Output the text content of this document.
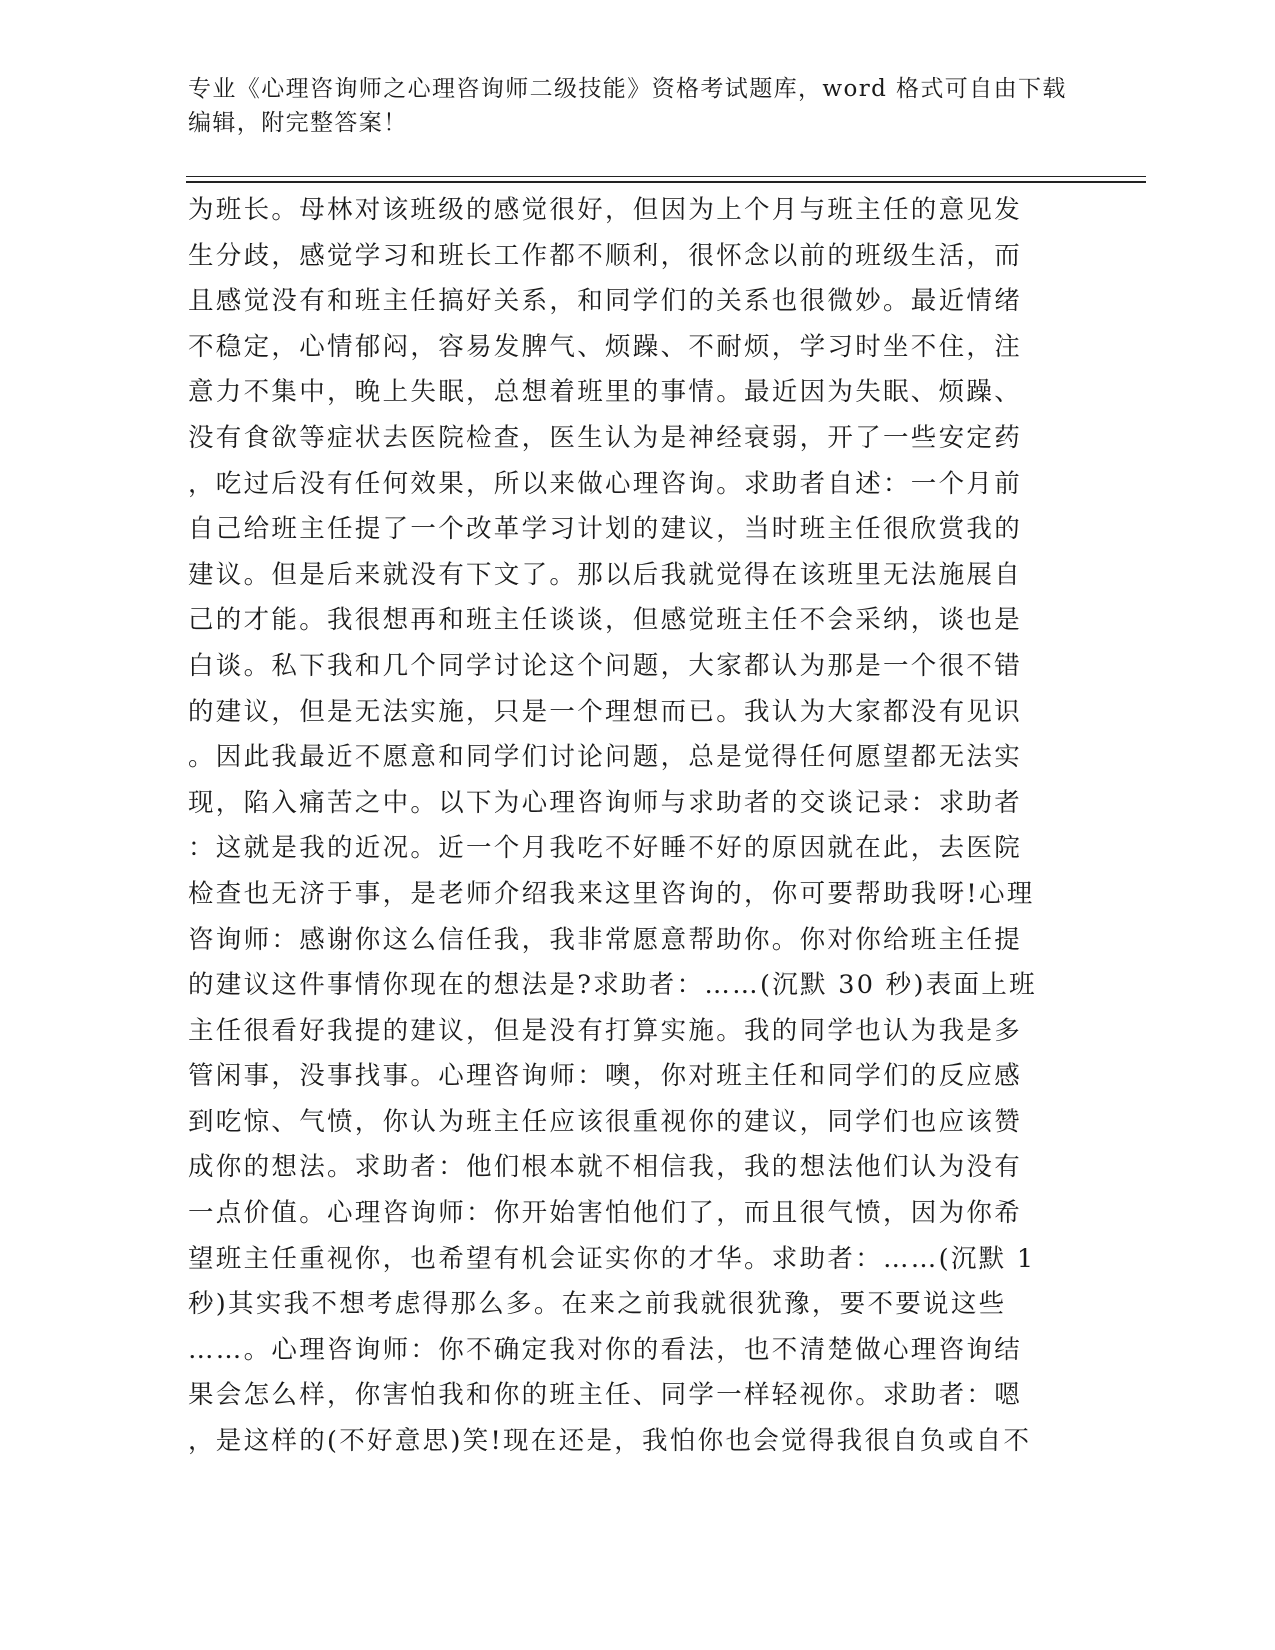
专业《心理咨询师之心理咨询师二级技能》资格考试题库，word 格式可自由下载
编辑，附完整答案！
为班长。母林对该班级的感觉很好，但因为上个月与班主任的意见发
生分歧，感觉学习和班长工作都不顺利，很怀念以前的班级生活，而
且感觉没有和班主任搞好关系，和同学们的关系也很微妙。最近情绪
不稳定，心情郁闷，容易发脾气、烦躁、不耐烦，学习时坐不住，注
意力不集中，晚上失眠，总想着班里的事情。最近因为失眠、烦躁、
没有食欲等症状去医院检查，医生认为是神经衰弱，开了一些安定药
，吃过后没有任何效果，所以来做心理咨询。求助者自述：一个月前
自己给班主任提了一个改革学习计划的建议，当时班主任很欣赏我的
建议。但是后来就没有下文了。那以后我就觉得在该班里无法施展自
己的才能。我很想再和班主任谈谈，但感觉班主任不会采纳，谈也是
白谈。私下我和几个同学讨论这个问题，大家都认为那是一个很不错
的建议，但是无法实施，只是一个理想而已。我认为大家都没有见识
。因此我最近不愿意和同学们讨论问题，总是觉得任何愿望都无法实
现，陷入痛苦之中。以下为心理咨询师与求助者的交谈记录：求助者
：这就是我的近况。近一个月我吃不好睡不好的原因就在此，去医院
检查也无济于事，是老师介绍我来这里咨询的，你可要帮助我呀!心理
咨询师：感谢你这么信任我，我非常愿意帮助你。你对你给班主任提
的建议这件事情你现在的想法是?求助者：……(沉默 30 秒)表面上班
主任很看好我提的建议，但是没有打算实施。我的同学也认为我是多
管闲事，没事找事。心理咨询师：噢，你对班主任和同学们的反应感
到吃惊、气愤，你认为班主任应该很重视你的建议，同学们也应该赞
成你的想法。求助者：他们根本就不相信我，我的想法他们认为没有
一点价值。心理咨询师：你开始害怕他们了，而且很气愤，因为你希
望班主任重视你，也希望有机会证实你的才华。求助者：……(沉默 1
秒)其实我不想考虑得那么多。在来之前我就很犹豫，要不要说这些
……。心理咨询师：你不确定我对你的看法，也不清楚做心理咨询结
果会怎么样，你害怕我和你的班主任、同学一样轻视你。求助者：嗯
，是这样的(不好意思)笑!现在还是，我怕你也会觉得我很自负或自不
